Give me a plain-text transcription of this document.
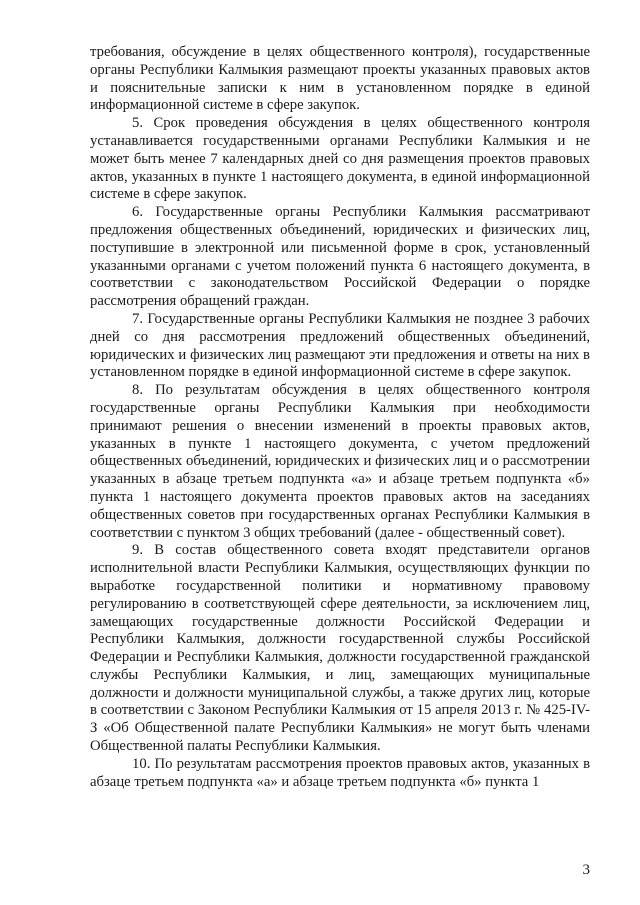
требования, обсуждение в целях общественного контроля), государственные органы Республики Калмыкия размещают проекты указанных правовых актов и пояснительные записки к ним в установленном порядке в единой информационной системе в сфере закупок.

5. Срок проведения обсуждения в целях общественного контроля устанавливается государственными органами Республики Калмыкия и не может быть менее 7 календарных дней со дня размещения проектов правовых актов, указанных в пункте 1 настоящего документа, в единой информационной системе в сфере закупок.

6. Государственные органы Республики Калмыкия рассматривают предложения общественных объединений, юридических и физических лиц, поступившие в электронной или письменной форме в срок, установленный указанными органами с учетом положений пункта 6 настоящего документа, в соответствии с законодательством Российской Федерации о порядке рассмотрения обращений граждан.

7. Государственные органы Республики Калмыкия не позднее 3 рабочих дней со дня рассмотрения предложений общественных объединений, юридических и физических лиц размещают эти предложения и ответы на них в установленном порядке в единой информационной системе в сфере закупок.

8. По результатам обсуждения в целях общественного контроля государственные органы Республики Калмыкия при необходимости принимают решения о внесении изменений в проекты правовых актов, указанных в пункте 1 настоящего документа, с учетом предложений общественных объединений, юридических и физических лиц и о рассмотрении указанных в абзаце третьем подпункта «а» и абзаце третьем подпункта «б» пункта 1 настоящего документа проектов правовых актов на заседаниях общественных советов при государственных органах Республики Калмыкия в соответствии с пунктом 3 общих требований (далее - общественный совет).

9. В состав общественного совета входят представители органов исполнительной власти Республики Калмыкия, осуществляющих функции по выработке государственной политики и нормативному правовому регулированию в соответствующей сфере деятельности, за исключением лиц, замещающих государственные должности Российской Федерации и Республики Калмыкия, должности государственной службы Российской Федерации и Республики Калмыкия, должности государственной гражданской службы Республики Калмыкия, и лиц, замещающих муниципальные должности и должности муниципальной службы, а также других лиц, которые в соответствии с Законом Республики Калмыкия от 15 апреля 2013 г. № 425-IV-З «Об Общественной палате Республики Калмыкия» не могут быть членами Общественной палаты Республики Калмыкия.

10. По результатам рассмотрения проектов правовых актов, указанных в абзаце третьем подпункта «а» и абзаце третьем подпункта «б» пункта 1

3
